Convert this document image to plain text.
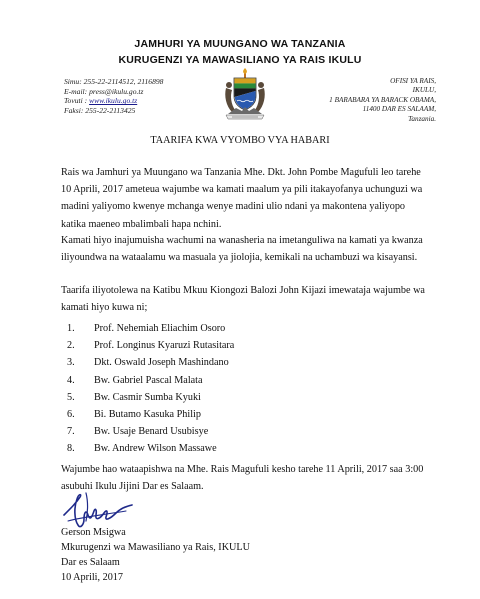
JAMHURI YA MUUNGANO WA TANZANIA
KURUGENZI YA MAWASILIANO YA RAIS IKULU
Simu: 255-22-2114512, 2116898
E-mail: press@ikulu.go.tz
Tovuti : www.ikulu.go.tz
Faksi: 255-22-2113425
OFISI YA RAIS,
IKULU,
1 BARABARA YA BARACK OBAMA,
11400 DAR ES SALAAM,
Tanzania.
TAARIFA KWA VYOMBO VYA HABARI

Rais wa Jamhuri ya Muungano wa Tanzania Mhe. Dkt. John Pombe Magufuli leo tarehe 10 Aprili, 2017 ameteua wajumbe wa kamati maalum ya pili itakayofanya uchunguzi wa madini yaliyomo kwenye mchanga wenye madini ulio ndani ya makontena yaliyopo katika maeneo mbalimbali hapa nchini.

Kamati hiyo inajumuisha wachumi na wanasheria na imetanguliwa na kamati ya kwanza iliyoundwa na wataalamu wa masuala ya jiolojia, kemikali na uchambuzi wa kisayansi.

Taarifa iliyotolewa na Katibu Mkuu Kiongozi Balozi John Kijazi imewataja wajumbe wa kamati hiyo kuwa ni;

1. Prof. Nehemiah Eliachim Osoro
2. Prof. Longinus Kyaruzi Rutasitara
3. Dkt. Oswald Joseph Mashindano
4. Bw. Gabriel Pascal Malata
5. Bw. Casmir Sumba Kyuki
6. Bi. Butamo Kasuka Philip
7. Bw. Usaje Benard Usubisye
8. Bw. Andrew Wilson Massawe

Wajumbe hao wataapishwa na Mhe. Rais Magufuli kesho tarehe 11 Aprili, 2017 saa 3:00 asubuhi Ikulu Jijini Dar es Salaam.

Gerson Msigwa
Mkurugenzi wa Mawasiliano ya Rais, IKULU
Dar es Salaam
10 Aprili, 2017
